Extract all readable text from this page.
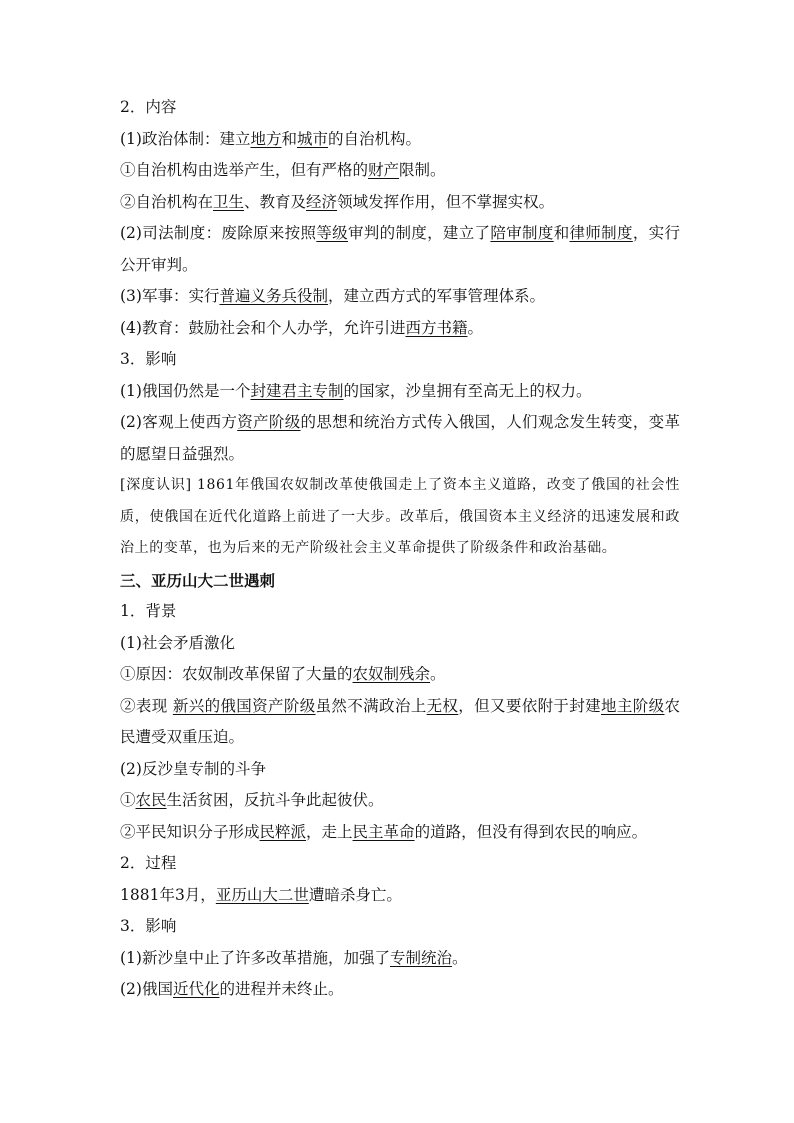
2．内容
(1)政治体制：建立地方和城市的自治机构。
①自治机构由选举产生，但有严格的财产限制。
②自治机构在卫生、教育及经济领域发挥作用，但不掌握实权。
(2)司法制度：废除原来按照等级审判的制度，建立了陪审制度和律师制度，实行公开审判。
(3)军事：实行普遍义务兵役制，建立西方式的军事管理体系。
(4)教育：鼓励社会和个人办学，允许引进西方书籍。
3．影响
(1)俄国仍然是一个封建君主专制的国家，沙皇拥有至高无上的权力。
(2)客观上使西方资产阶级的思想和统治方式传入俄国，人们观念发生转变，变革的愿望日益强烈。
[深度认识] 1861年俄国农奴制改革使俄国走上了资本主义道路，改变了俄国的社会性质，使俄国在近代化道路上前进了一大步。改革后，俄国资本主义经济的迅速发展和政治上的变革，也为后来的无产阶级社会主义革命提供了阶级条件和政治基础。
三、亚历山大二世遇刺
1．背景
(1)社会矛盾激化
①原因：农奴制改革保留了大量的农奴制残余。
②表现 新兴的俄国资产阶级虽然不满政治上无权，但又要依附于封建地主阶级农民遭受双重压迫。
(2)反沙皇专制的斗争
①农民生活贫困，反抗斗争此起彼伏。
②平民知识分子形成民粹派，走上民主革命的道路，但没有得到农民的响应。
2．过程
1881年3月，亚历山大二世遭暗杀身亡。
3．影响
(1)新沙皇中止了许多改革措施，加强了专制统治。
(2)俄国近代化的进程并未终止。
